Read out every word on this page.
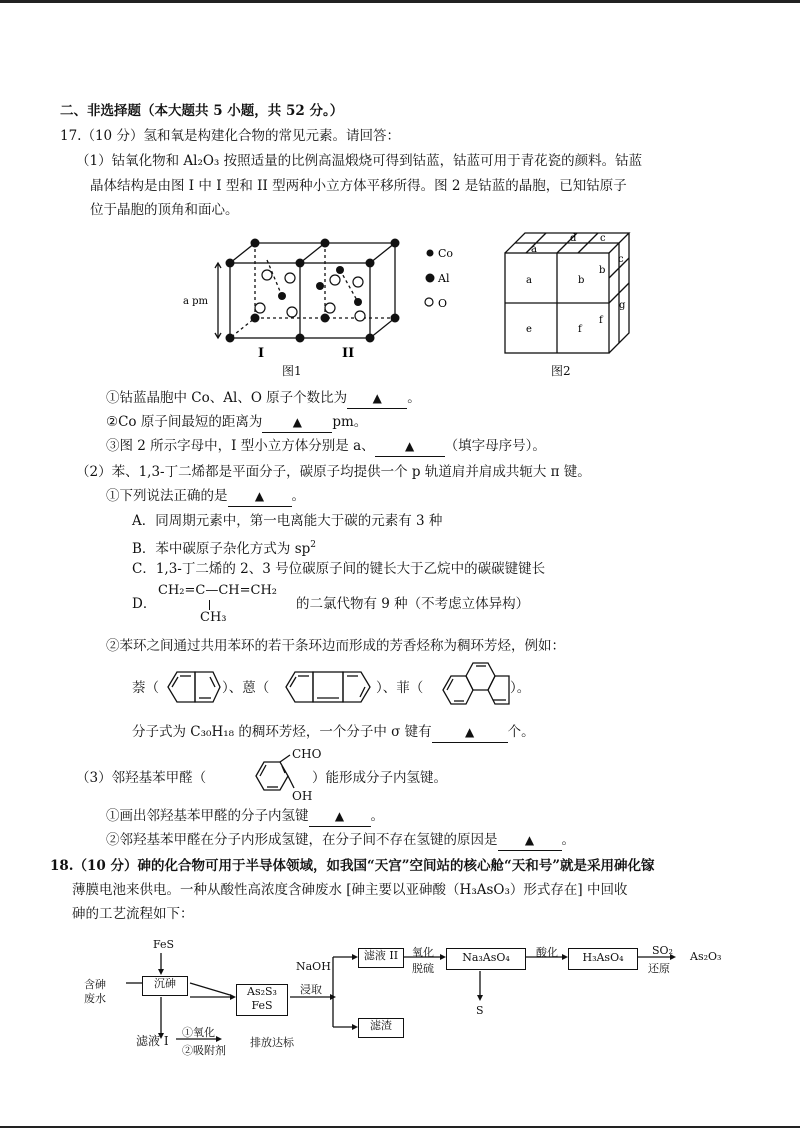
二、非选择题（本大题共 5 小题，共 52 分。）
17.（10 分）氢和氧是构建化合物的常见元素。请回答：
（1）钴氧化物和 Al₂O₃ 按照适量的比例高温煅烧可得到钴蓝，钴蓝可用于青花瓷的颜料。钴蓝
晶体结构是由图 I 中 I 型和 II 型两种小立方体平移所得。图 2 是钴蓝的晶胞，已知钴原子
位于晶胞的顶角和面心。
a pm
I	II
Co
Al
O
图1
a
d c
a	b
c
b
e	f
f
g
图2
①钴蓝晶胞中 Co、Al、O 原子个数比为 ▲ 。
②Co 原子间最短的距离为	▲ pm。
③图 2 所示字母中，I 型小立方体分别是 a、	▲ （填字母序号）。
（2）苯、1,3-丁二烯都是平面分子，碳原子均提供一个 p 轨道肩并肩成共轭大 π 键。
①下列说法正确的是 ▲ 。
A．同周期元素中，第一电离能大于碳的元素有 3 种
B．苯中碳原子杂化方式为 $sp^2$
C．1,3-丁二烯的 2、3 号位碳原子间的键长大于乙烷中的碳碳键键长
D．
CH₂=C—CH=CH₂
CH₃
的二氯代物有 9 种（不考虑立体异构）
②苯环之间通过共用苯环的若干条环边而形成的芳香烃称为稠环芳烃，例如：
萘（	）、蒽（	）、菲（	）。
分子式为 C₃₀H₁₈ 的稠环芳烃，一个分子中 σ 键有	▲ 个。
（3）邻羟基苯甲醛（
CHO
OH
）能形成分子内氢键。
①画出邻羟基苯甲醛的分子内氢键 ▲ 。
②邻羟基苯甲醛在分子内形成氢键，在分子间不存在氢键的原因是 ▲ 。
18.（10 分）砷的化合物可用于半导体领域，如我国“天宫”空间站的核心舱“天和号”就是采用砷化镓
薄膜电池来供电。一种从酸性高浓度含砷废水 [砷主要以亚砷酸（H₃AsO₃）形式存在] 中回收
砷的工艺流程如下：
FeS
含砷
废水
沉砷
As₂S₃
FeS
NaOH
浸取
滤液 II
滤渣
氧化
脱硫
Na₃AsO₄
S
酸化	H₃AsO₄
SO₂
还原
As₂O₃
滤液 I
①氧化
②吸附剂
排放达标
